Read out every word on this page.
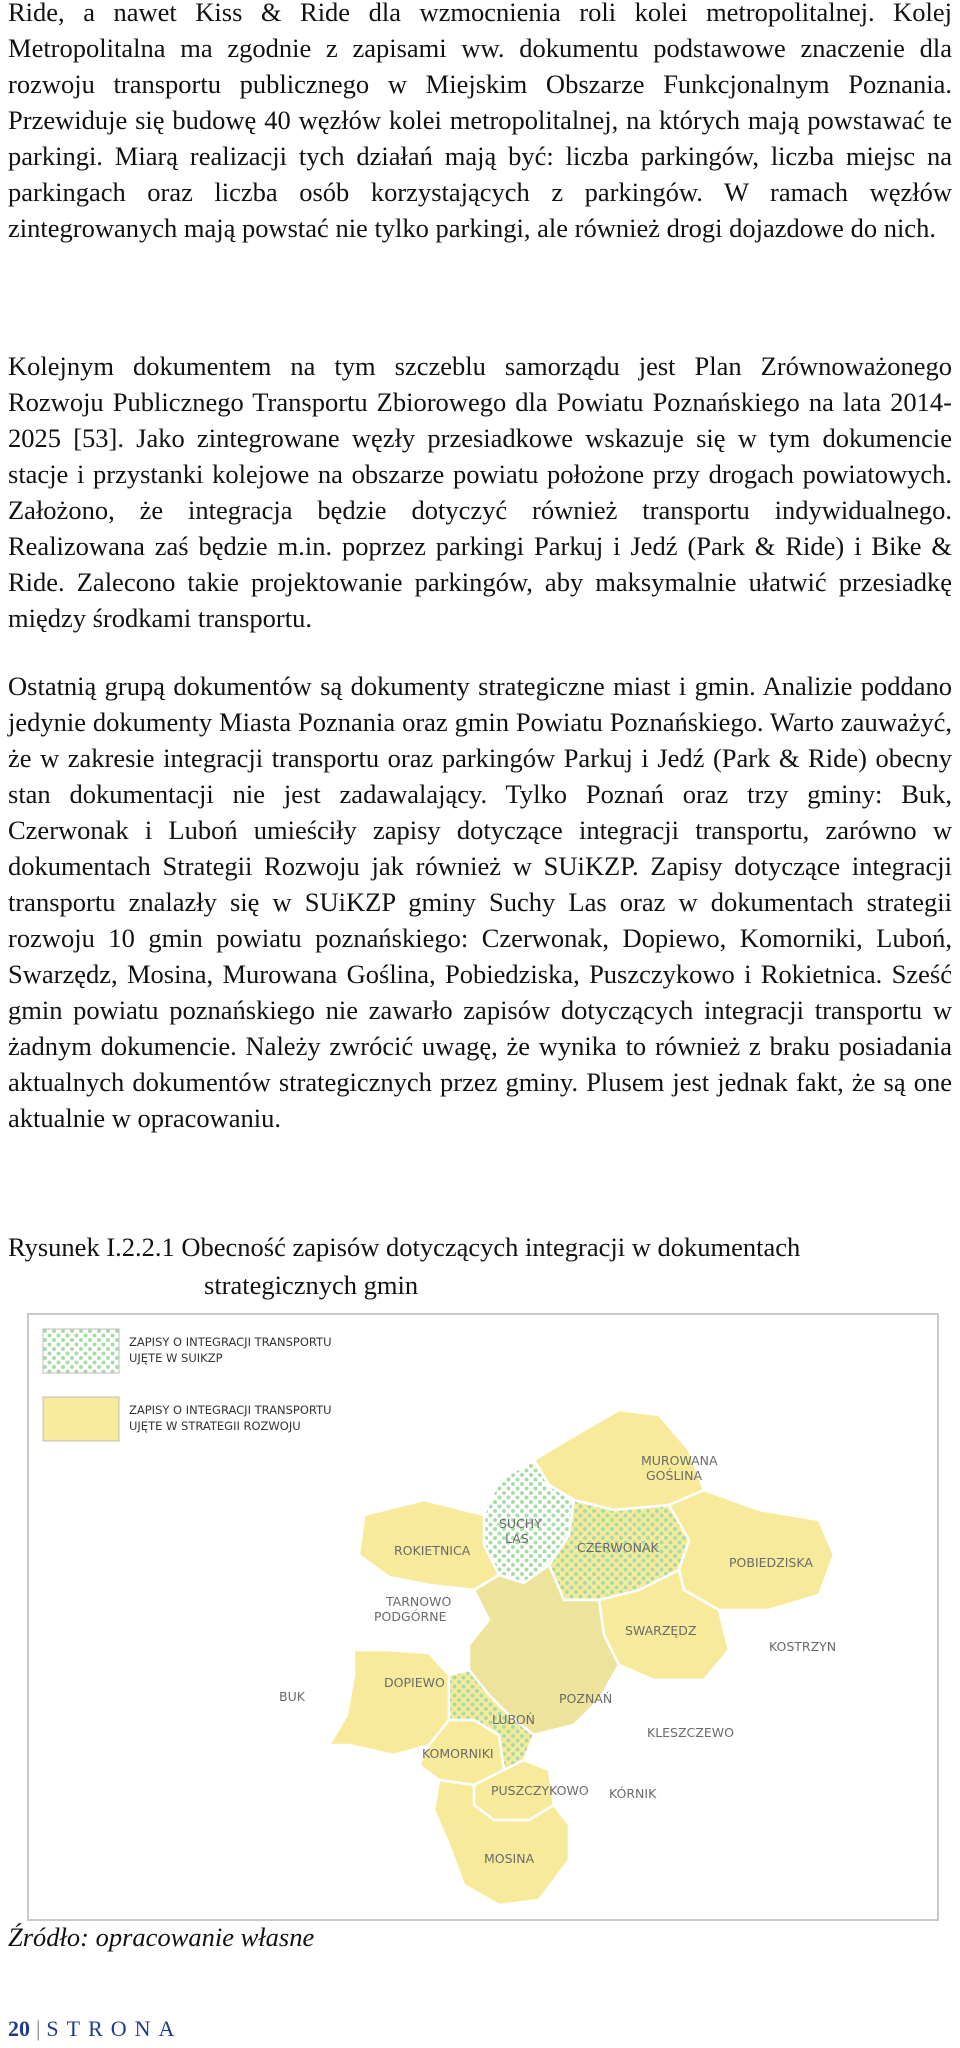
Ride, a nawet Kiss & Ride dla wzmocnienia roli kolei metropolitalnej. Kolej Metropolitalna ma zgodnie z zapisami ww. dokumentu podstawowe znaczenie dla rozwoju transportu publicznego w Miejskim Obszarze Funkcjonalnym Poznania. Przewiduje się budowę 40 węzłów kolei metropolitalnej, na których mają powstawać te parkingi. Miarą realizacji tych działań mają być: liczba parkingów, liczba miejsc na parkingach oraz liczba osób korzystających z parkingów. W ramach węzłów zintegrowanych mają powstać nie tylko parkingi, ale również drogi dojazdowe do nich.

Kolejnym dokumentem na tym szczeblu samorządu jest Plan Zrównoważonego Rozwoju Publicznego Transportu Zbiorowego dla Powiatu Poznańskiego na lata 2014-2025 [53]. Jako zintegrowane węzły przesiadkowe wskazuje się w tym dokumencie stacje i przystanki kolejowe na obszarze powiatu położone przy drogach powiatowych. Założono, że integracja będzie dotyczyć również transportu indywidualnego. Realizowana zaś będzie m.in. poprzez parkingi Parkuj i Jedź (Park & Ride) i Bike & Ride. Zalecono takie projektowanie parkingów, aby maksymalnie ułatwić przesiadkę między środkami transportu.

Ostatnią grupą dokumentów są dokumenty strategiczne miast i gmin. Analizie poddano jedynie dokumenty Miasta Poznania oraz gmin Powiatu Poznańskiego. Warto zauważyć, że w zakresie integracji transportu oraz parkingów Parkuj i Jedź (Park & Ride) obecny stan dokumentacji nie jest zadawalający. Tylko Poznań oraz trzy gminy: Buk, Czerwonak i Luboń umieściły zapisy dotyczące integracji transportu, zarówno w dokumentach Strategii Rozwoju jak również w SUiKZP. Zapisy dotyczące integracji transportu znalazły się w SUiKZP gminy Suchy Las oraz w dokumentach strategii rozwoju 10 gmin powiatu poznańskiego: Czerwonak, Dopiewo, Komorniki, Luboń, Swarzędz, Mosina, Murowana Goślina, Pobiedziska, Puszczykowo i Rokietnica. Sześć gmin powiatu poznańskiego nie zawarło zapisów dotyczących integracji transportu w żadnym dokumencie. Należy zwrócić uwagę, że wynika to również z braku posiadania aktualnych dokumentów strategicznych przez gminy. Plusem jest jednak fakt, że są one aktualnie w opracowaniu.

Rysunek I.2.2.1 Obecność zapisów dotyczących integracji w dokumentach
strategicznych gmin

ZAPISY O INTEGRACJI TRANSPORTU
UJĘTE W SUIKZP
ZAPISY O INTEGRACJI TRANSPORTU
UJĘTE W STRATEGII ROZWOJU
MUROWANA
GOŚLINA
SUCHY
LAS
ROKIETNICA	CZERWONAK
POBIEDZISKA
TARNOWO
PODGÓRNE
SWARZĘDZ
KOSTRZYN
DOPIEWO
BUK	POZNAŃ
LUBOŃ
KOMORNIKI
KLESZCZEWO
PUSZCZYKOWO KÓRNIK
MOSINA

Źródło: opracowanie własne

20 | STRONA
